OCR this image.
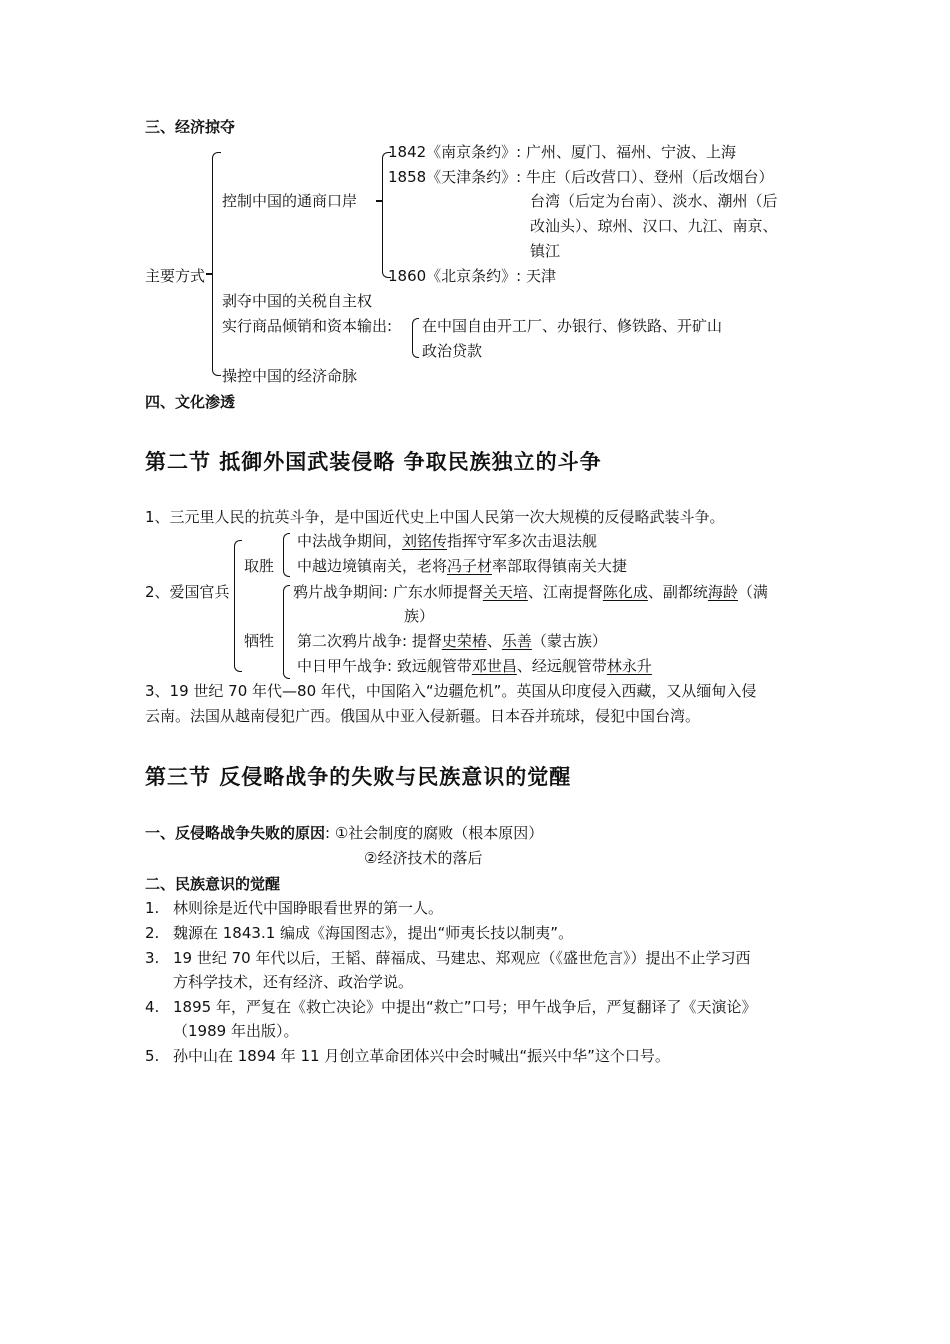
三、经济掠夺
主要方式
控制中国的通商口岸
1842《南京条约》: 广州、厦门、福州、宁波、上海
1858《天津条约》: 牛庄（后改营口）、登州（后改烟台）
台湾（后定为台南）、淡水、潮州（后
改汕头）、琼州、汉口、九江、南京、
镇江
1860《北京条约》: 天津
剥夺中国的关税自主权
实行商品倾销和资本输出: 在中国自由开工厂、办银行、修铁路、开矿山
政治贷款
操控中国的经济命脉
四、文化渗透
第二节 抵御外国武装侵略 争取民族独立的斗争
1、三元里人民的抗英斗争，是中国近代史上中国人民第一次大规模的反侵略武装斗争。
2、爱国官兵
取胜
牺牲
中法战争期间，刘铭传指挥守军多次击退法舰
中越边境镇南关，老将冯子材率部取得镇南关大捷
鸦片战争期间: 广东水师提督关天培、江南提督陈化成、副都统海龄（满
族）
第二次鸦片战争: 提督史荣椿、乐善（蒙古族）
中日甲午战争: 致远舰管带邓世昌、经远舰管带林永升
3、19 世纪 70 年代—80 年代，中国陷入“边疆危机”。英国从印度侵入西藏，又从缅甸入侵
云南。法国从越南侵犯广西。俄国从中亚入侵新疆。日本吞并琉球，侵犯中国台湾。
第三节 反侵略战争的失败与民族意识的觉醒
一、反侵略战争失败的原因: ①社会制度的腐败（根本原因）
②经济技术的落后
二、民族意识的觉醒
1. 林则徐是近代中国睁眼看世界的第一人。
2. 魏源在 1843.1 编成《海国图志》，提出“师夷长技以制夷”。
3. 19 世纪 70 年代以后，王韬、薛福成、马建忠、郑观应（《盛世危言》）提出不止学习西
方科学技术，还有经济、政治学说。
4. 1895 年，严复在《救亡决论》中提出“救亡”口号；甲午战争后，严复翻译了《天演论》
（1989 年出版）。
5. 孙中山在 1894 年 11 月创立革命团体兴中会时喊出“振兴中华”这个口号。
